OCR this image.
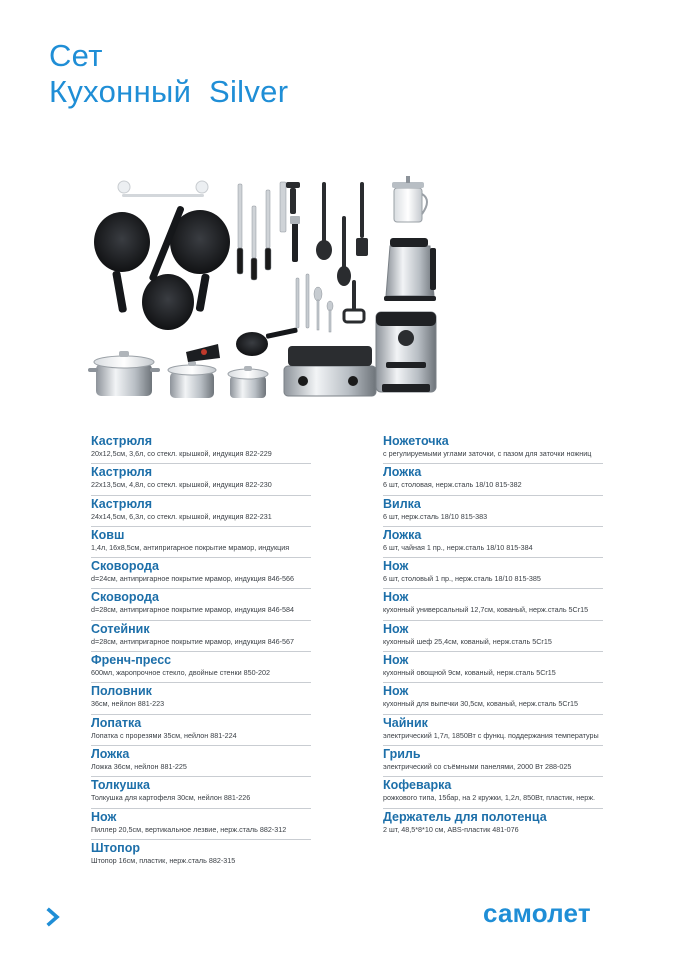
Сет
Кухонный  Silver
Кастрюля
20х12,5см, 3,6л, со стекл. крышкой, индукция 822-229
Кастрюля
22х13,5см, 4,8л, со стекл. крышкой, индукция 822-230
Кастрюля
24х14,5см, 6,3л, со стекл. крышкой, индукция 822-231
Ковш
1,4л, 16х8,5см, антипригарное покрытие мрамор, индукция
Сковорода
d=24см, антипригарное покрытие мрамор, индукция 846-566
Сковорода
d=28см, антипригарное покрытие мрамор, индукция 846-584
Сотейник
d=28см, антипригарное покрытие мрамор, индукция 846-567
Френч-пресс
600мл, жаропрочное стекло, двойные стенки 850-202
Половник
36см, нейлон 881-223
Лопатка
Лопатка с прорезями 35см, нейлон 881-224
Ложка
Ложка 36см, нейлон 881-225
Толкушка
Толкушка для картофеля 30см, нейлон 881-226
Нож
Пиллер 20,5см, вертикальное лезвие, нерж.сталь 882-312
Штопор
Штопор 16см, пластик, нерж.сталь 882-315
Ножеточка
с регулируемыми углами заточки, с пазом для заточки ножниц
Ложка
6 шт, столовая, нерж.сталь 18/10 815-382
Вилка
6 шт, нерж.сталь 18/10 815-383
Ложка
6 шт, чайная 1 пр., нерж.сталь 18/10 815-384
Нож
6 шт, столовый 1 пр., нерж.сталь 18/10 815-385
Нож
кухонный универсальный 12,7см, кованый, нерж.сталь 5Cr15
Нож
кухонный шеф 25,4см, кованый, нерж.сталь 5Cr15
Нож
кухонный овощной 9см, кованый, нерж.сталь 5Cr15
Нож
кухонный для выпечки 30,5см, кованый, нерж.сталь 5Cr15
Чайник
электрический 1,7л, 1850Вт с функц. поддержания температуры
Гриль
электрический со съёмными панелями, 2000 Вт 288-025
Кофеварка
рожкового типа, 15бар, на 2 кружки, 1,2л, 850Вт, пластик, нерж.
Держатель для полотенца
2 шт, 48,5*8*10 см, ABS-пластик 481-076
самолет
